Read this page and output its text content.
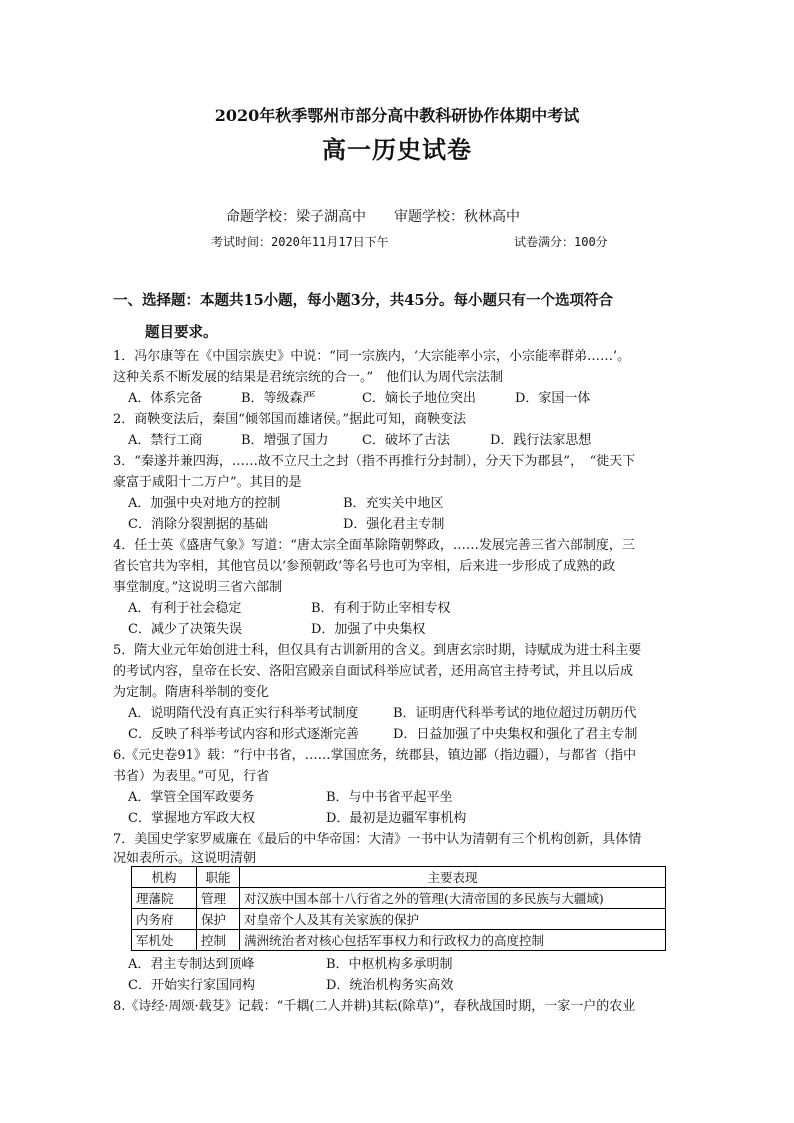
2020年秋季鄂州市部分高中教科研协作体期中考试
高一历史试卷
命题学校：梁子湖高中　　审题学校：秋林高中
考试时间：2020年11月17日下午	试卷满分：100分
一、选择题：本题共15小题，每小题3分，共45分。每小题只有一个选项符合
题目要求。
1．冯尔康等在《中国宗族史》中说：“同一宗族内，‘大宗能率小宗，小宗能率群弟……’。
这种关系不断发展的结果是君统宗统的合一。”　他们认为周代宗法制
A．体系完备	B．等级森严	C．嫡长子地位突出	D．家国一体
2．商鞅变法后，秦国“倾邻国而雄诸侯。”据此可知，商鞅变法
A．禁行工商	B．增强了国力	C．破坏了古法	D．践行法家思想
3．“秦遂并兼四海，……故不立尺土之封（指不再推行分封制），分天下为郡县”，　“徙天下
豪富于咸阳十二万户”。其目的是
A．加强中央对地方的控制	B．充实关中地区
C．消除分裂割据的基础	D．强化君主专制
4．任士英《盛唐气象》写道：“唐太宗全面革除隋朝弊政，……发展完善三省六部制度，三
省长官共为宰相，其他官员以‘参预朝政’等名号也可为宰相，后来进一步形成了成熟的政
事堂制度。”这说明三省六部制
A．有利于社会稳定	B．有利于防止宰相专权
C．减少了决策失误	D．加强了中央集权
5．隋大业元年始创进士科，但仅具有古训新用的含义。到唐玄宗时期，诗赋成为进士科主要
的考试内容，皇帝在长安、洛阳宫殿亲自面试科举应试者，还用高官主持考试，并且以后成
为定制。隋唐科举制的变化
A．说明隋代没有真正实行科举考试制度	B．证明唐代科举考试的地位超过历朝历代
C．反映了科举考试内容和形式逐渐完善	D．日益加强了中央集权和强化了君主专制
6.《元史卷91》载：“行中书省，……掌国庶务，统郡县，镇边鄙（指边疆），与都省（指中
书省）为表里。”可见，行省
A．掌管全国军政要务	B．与中书省平起平坐
C．掌握地方军政大权	D．最初是边疆军事机构
7．美国史学家罗威廉在《最后的中华帝国：大清》一书中认为清朝有三个机构创新，具体情
况如表所示。这说明清朝
机构	职能	主要表现
理藩院	管理	对汉族中国本部十八行省之外的管理(大清帝国的多民族与大疆域)
内务府	保护	对皇帝个人及其有关家族的保护
军机处	控制	满洲统治者对核心包括军事权力和行政权力的高度控制
A．君主专制达到顶峰	B．中枢机构多承明制
C．开始实行家国同构	D．统治机构务实高效
8.《诗经·周颂·载芟》记载：“千耦(二人并耕)其耘(除草)”，春秋战国时期，一家一户的农业
